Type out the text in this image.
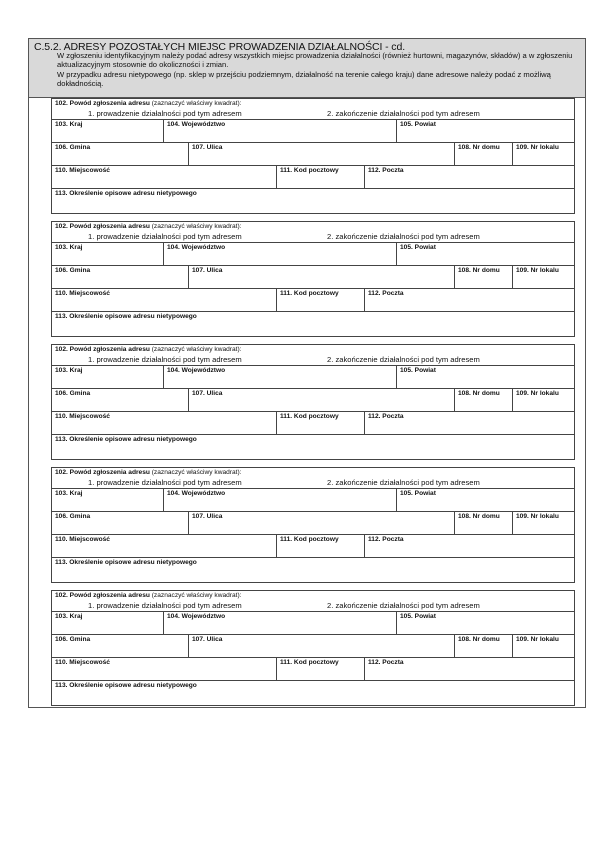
C.5.2. ADRESY POZOSTAŁYCH MIEJSC PROWADZENIA DZIAŁALNOŚCI - cd.
W zgłoszeniu identyfikacyjnym należy podać adresy wszystkich miejsc prowadzenia działalności (również hurtowni, magazynów, składów) a w zgłoszeniu aktualizacyjnym stosownie do okoliczności i zmian.
W przypadku adresu nietypowego (np. sklep w przejściu podziemnym, działalność na terenie całego kraju) dane adresowe należy podać z możliwą dokładnością.
102. Powód zgłoszenia adresu (zaznaczyć właściwy kwadrat):
1. prowadzenie działalności pod tym adresem	2. zakończenie działalności pod tym adresem
103. Kraj	104. Województwo	105. Powiat
106. Gmina	107. Ulica	108. Nr domu 109. Nr lokalu
110. Miejscowość	111. Kod pocztowy	112. Poczta
113. Określenie opisowe adresu nietypowego
102. Powód zgłoszenia adresu (zaznaczyć właściwy kwadrat):
1. prowadzenie działalności pod tym adresem	2. zakończenie działalności pod tym adresem
103. Kraj	104. Województwo	105. Powiat
106. Gmina	107. Ulica	108. Nr domu 109. Nr lokalu
110. Miejscowość	111. Kod pocztowy	112. Poczta
113. Określenie opisowe adresu nietypowego
102. Powód zgłoszenia adresu (zaznaczyć właściwy kwadrat):
1. prowadzenie działalności pod tym adresem	2. zakończenie działalności pod tym adresem
103. Kraj	104. Województwo	105. Powiat
106. Gmina	107. Ulica	108. Nr domu 109. Nr lokalu
110. Miejscowość	111. Kod pocztowy	112. Poczta
113. Określenie opisowe adresu nietypowego
102. Powód zgłoszenia adresu (zaznaczyć właściwy kwadrat):
1. prowadzenie działalności pod tym adresem	2. zakończenie działalności pod tym adresem
103. Kraj	104. Województwo	105. Powiat
106. Gmina	107. Ulica	108. Nr domu 109. Nr lokalu
110. Miejscowość	111. Kod pocztowy	112. Poczta
113. Określenie opisowe adresu nietypowego
102. Powód zgłoszenia adresu (zaznaczyć właściwy kwadrat):
1. prowadzenie działalności pod tym adresem	2. zakończenie działalności pod tym adresem
103. Kraj	104. Województwo	105. Powiat
106. Gmina	107. Ulica	108. Nr domu 109. Nr lokalu
110. Miejscowość	111. Kod pocztowy	112. Poczta
113. Określenie opisowe adresu nietypowego
